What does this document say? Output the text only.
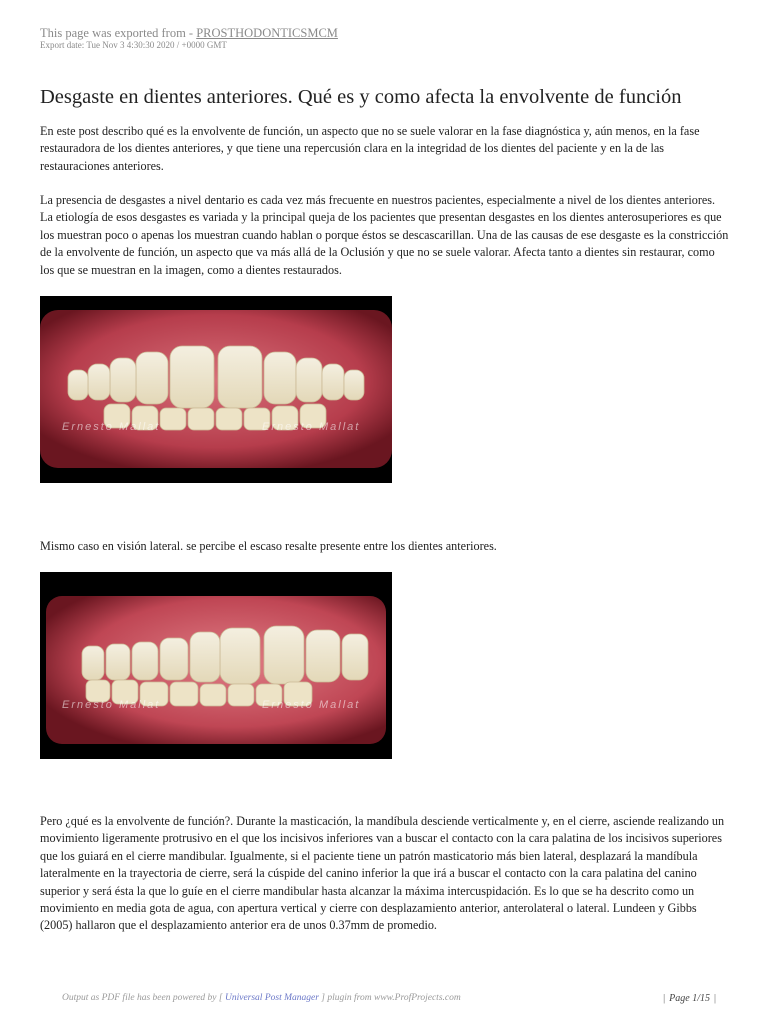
This page was exported from - PROSTHODONTICSMCM
Export date: Tue Nov 3 4:30:30 2020 / +0000 GMT
Desgaste en dientes anteriores. Qué es y como afecta la envolvente de función

En este post describo qué es la envolvente de función, un aspecto que no se suele valorar en la fase diagnóstica y, aún menos, en la fase restauradora de los dientes anteriores, y que tiene una repercusión clara en la integridad de los dientes del paciente y en la de las restauraciones anteriores.

La presencia de desgastes a nivel dentario es cada vez más frecuente en nuestros pacientes, especialmente a nivel de los dientes anteriores. La etiología de esos desgastes es variada y la principal queja de los pacientes que presentan desgastes en los dientes anterosuperiores es que los muestran poco o apenas los muestran cuando hablan o porque éstos se descascarillan. Una de las causas de ese desgaste es la constricción de la envolvente de función, un aspecto que va más allá de la Oclusión y que no se suele valorar. Afecta tanto a dientes sin restaurar, como los que se muestran en la imagen, como a dientes restaurados.

Ernesto Mallat	Ernesto Mallat

Mismo caso en visión lateral. se percibe el escaso resalte presente entre los dientes anteriores.

Ernesto Mallat	Ernesto Mallat

Pero ¿qué es la envolvente de función?. Durante la masticación, la mandíbula desciende verticalmente y, en el cierre, asciende realizando un movimiento ligeramente protrusivo en el que los incisivos inferiores van a buscar el contacto con la cara palatina de los incisivos superiores que los guiará en el cierre mandibular. Igualmente, si el paciente tiene un patrón masticatorio más bien lateral, desplazará la mandíbula lateralmente en la trayectoria de cierre, será la cúspide del canino inferior la que irá a buscar el contacto con la cara palatina del canino superior y será ésta la que lo guíe en el cierre mandibular hasta alcanzar la máxima intercuspidación. Es lo que se ha descrito como un movimiento en media gota de agua, con apertura vertical y cierre con desplazamiento anterior, anterolateral o lateral. Lundeen y Gibbs (2005) hallaron que el desplazamiento anterior era de unos 0.37mm de promedio.

Output as PDF file has been powered by [ Universal Post Manager ] plugin from www.ProfProjects.com	| Page 1/15 |
